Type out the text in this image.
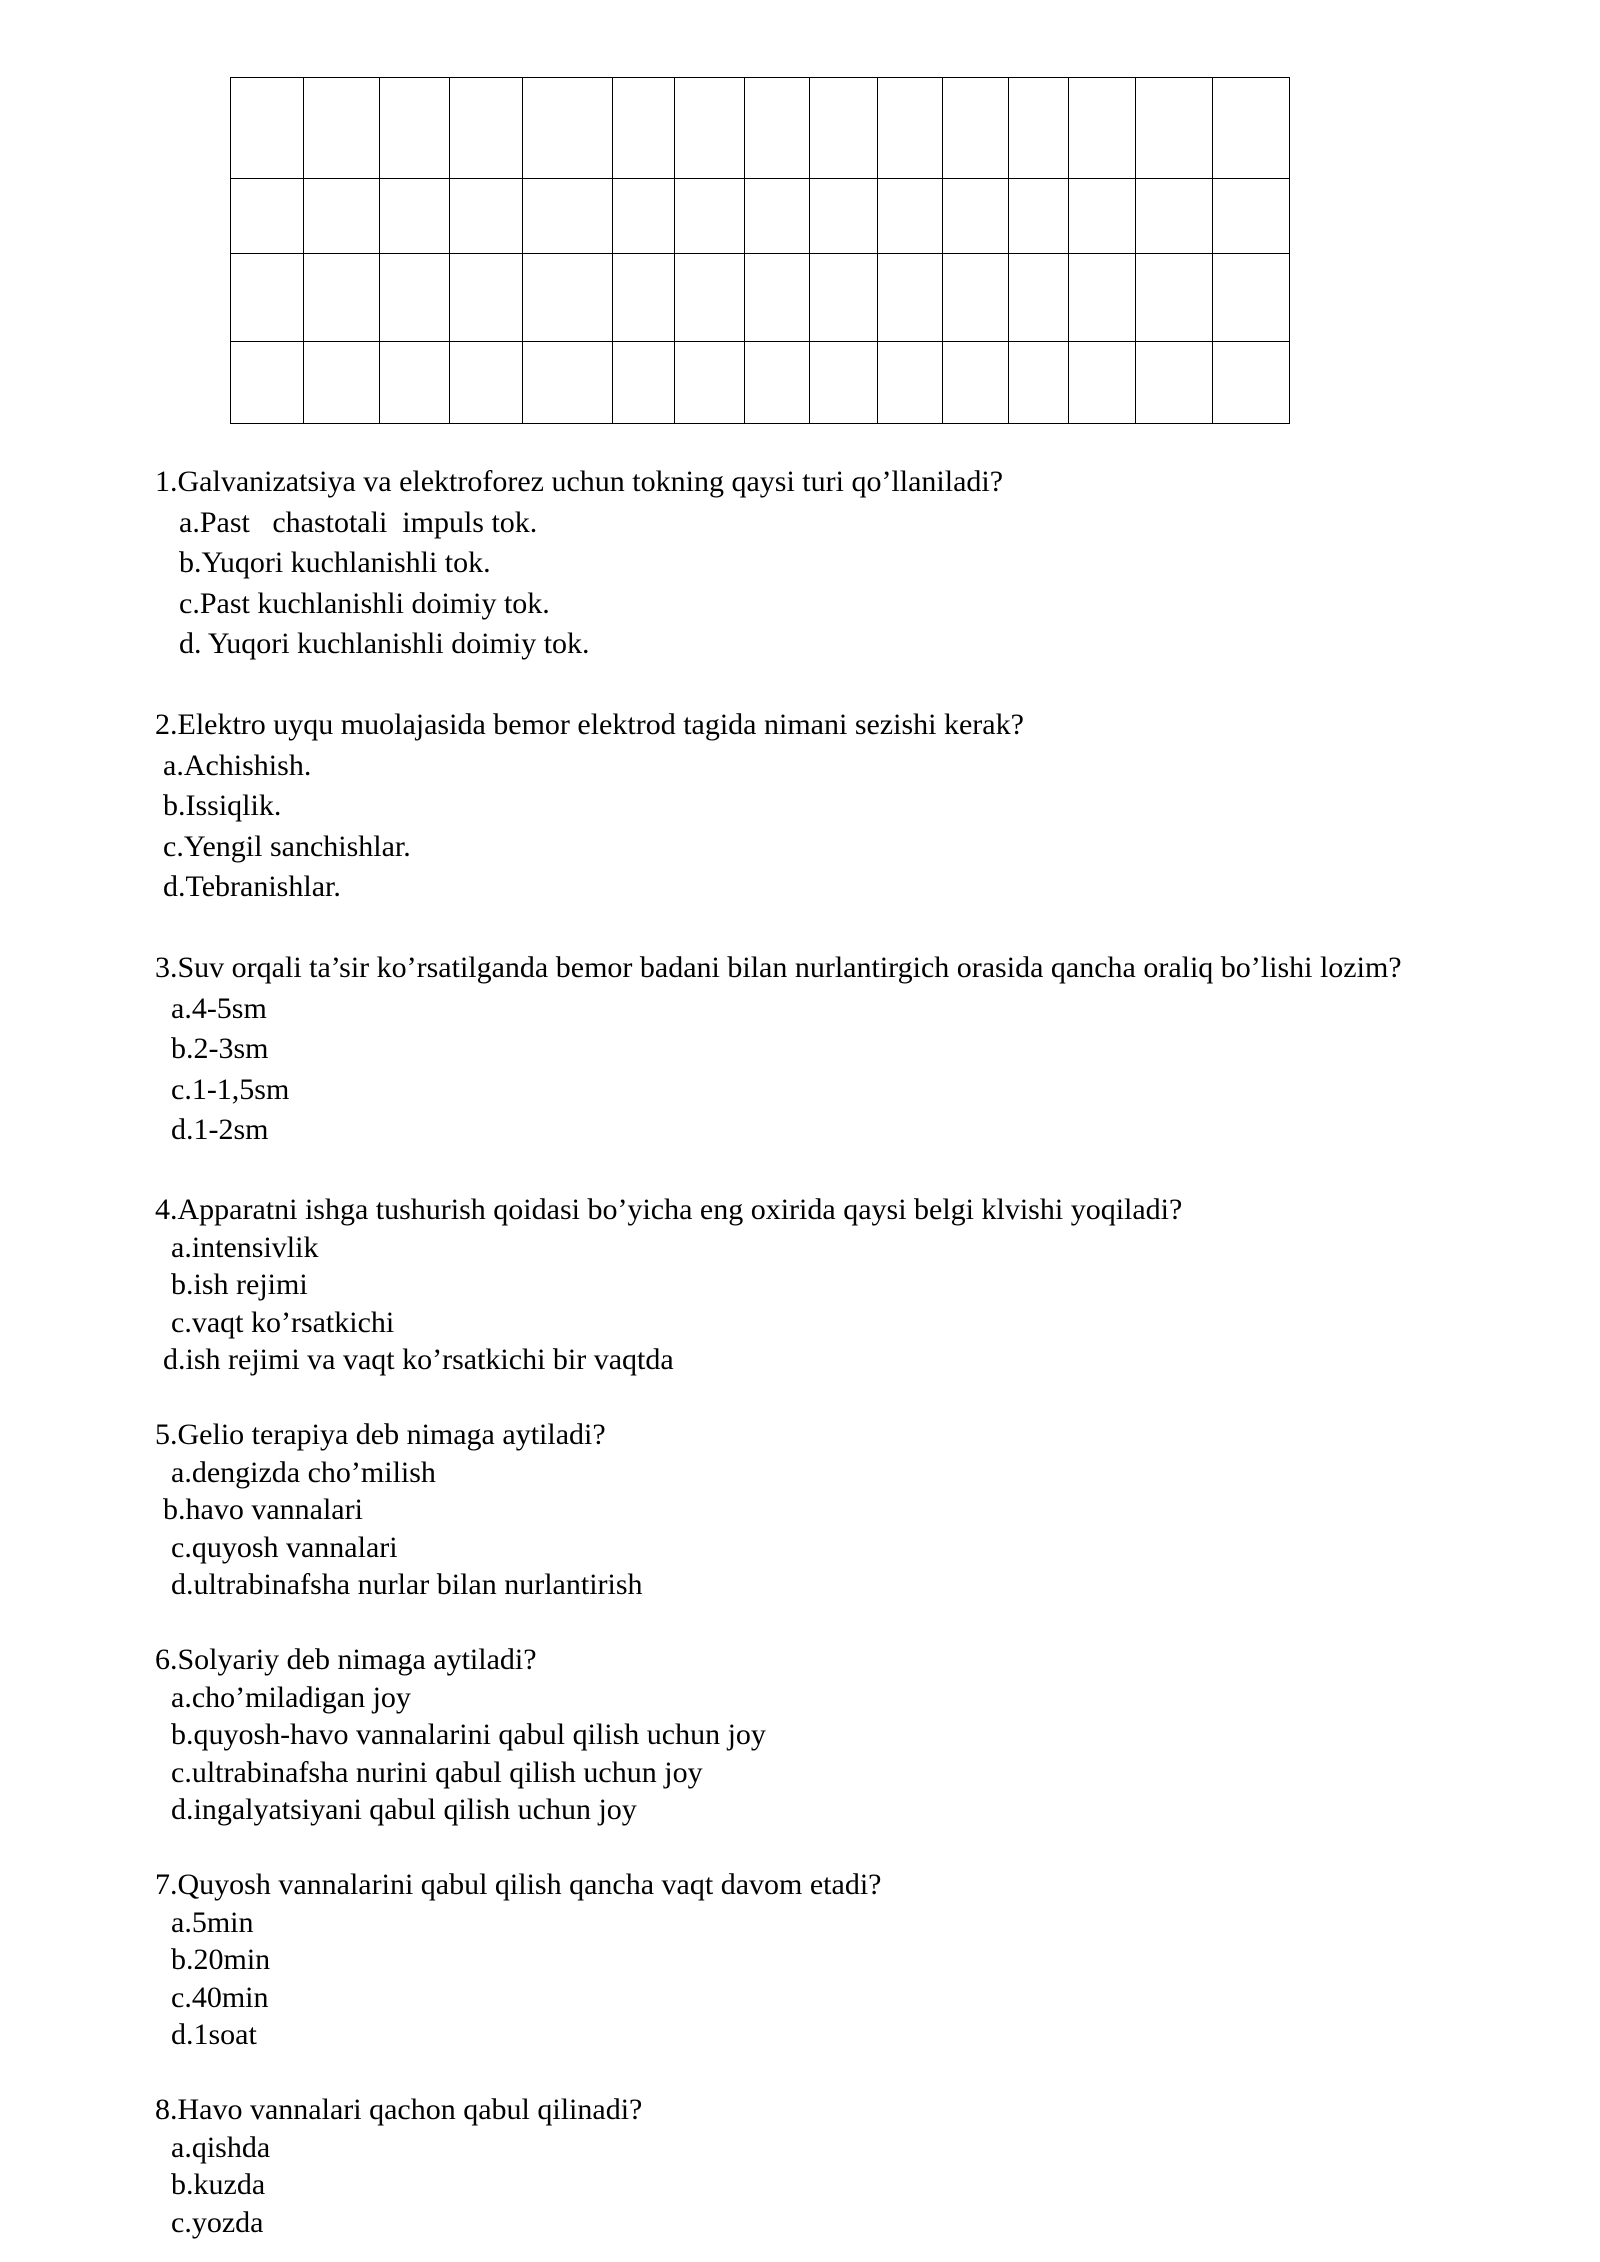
1.Galvanizatsiya va elektroforez uchun tokning qaysi turi qo’llaniladi?
a.Past   chastotali  impuls tok.
b.Yuqori kuchlanishli tok.
c.Past kuchlanishli doimiy tok.
d. Yuqori kuchlanishli doimiy tok.
2.Elektro uyqu muolajasida bemor elektrod tagida nimani sezishi kerak?
a.Achishish.
b.Issiqlik.
c.Yengil sanchishlar.
d.Tebranishlar.
3.Suv orqali ta’sir ko’rsatilganda bemor badani bilan nurlantirgich orasida qancha oraliq bo’lishi lozim?
a.4-5sm
b.2-3sm
c.1-1,5sm
d.1-2sm
4.Apparatni ishga tushurish qoidasi bo’yicha eng oxirida qaysi belgi klvishi yoqiladi?
a.intensivlik
b.ish rejimi
c.vaqt ko’rsatkichi
d.ish rejimi va vaqt ko’rsatkichi bir vaqtda
5.Gelio terapiya deb nimaga aytiladi?
a.dengizda cho’milish
b.havo vannalari
c.quyosh vannalari
d.ultrabinafsha nurlar bilan nurlantirish
6.Solyariy deb nimaga aytiladi?
a.cho’miladigan joy
b.quyosh-havo vannalarini qabul qilish uchun joy
c.ultrabinafsha nurini qabul qilish uchun joy
d.ingalyatsiyani qabul qilish uchun joy
7.Quyosh vannalarini qabul qilish qancha vaqt davom etadi?
a.5min
b.20min
c.40min
d.1soat
8.Havo vannalari qachon qabul qilinadi?
a.qishda
b.kuzda
c.yozda
